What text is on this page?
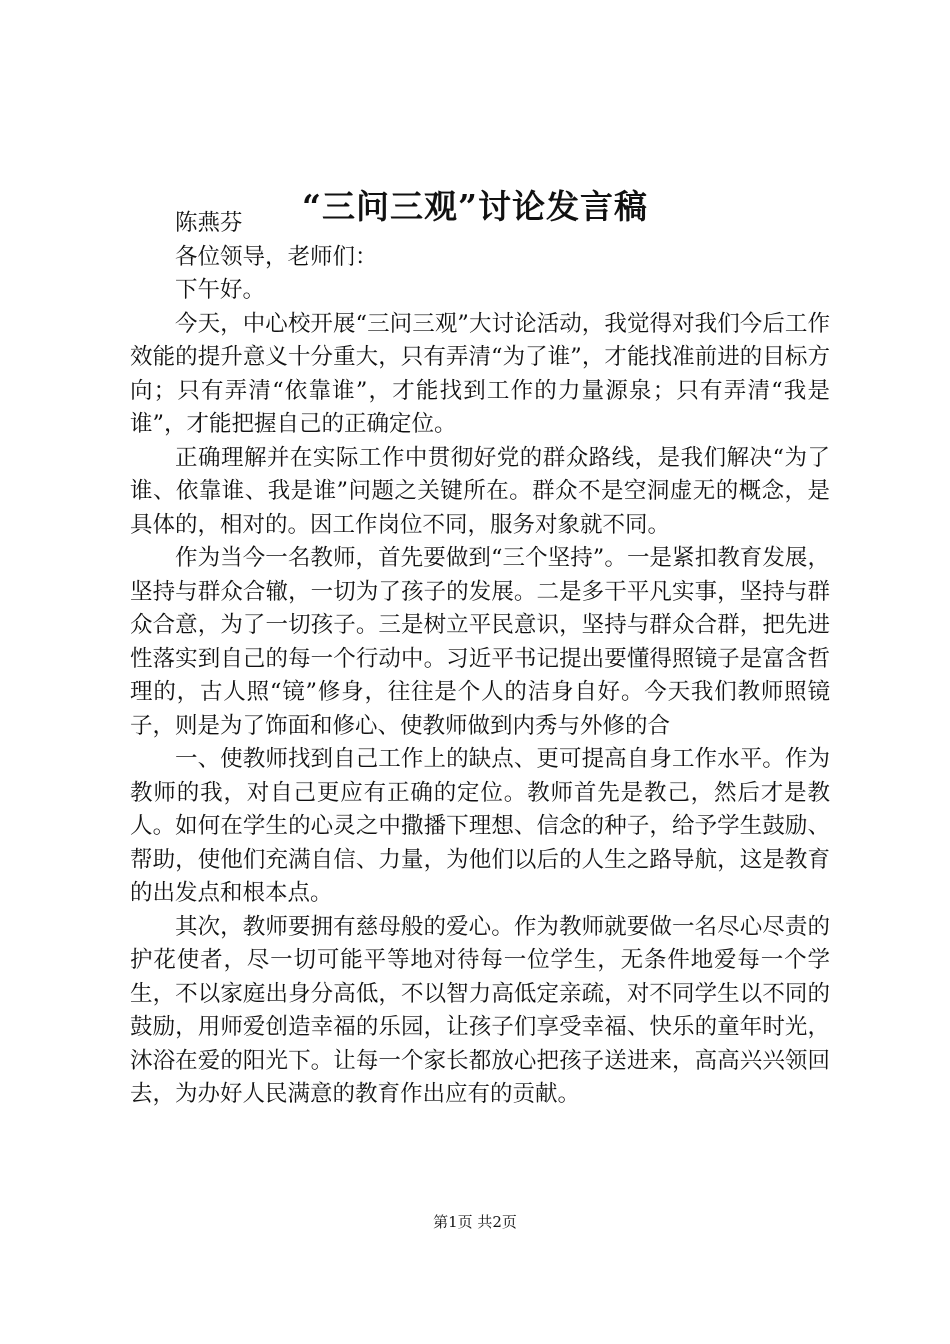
“三问三观”讨论发言稿

陈燕芬

各位领导，老师们：

下午好。

今天，中心校开展“三问三观”大讨论活动，我觉得对我们今后工作效能的提升意义十分重大，只有弄清“为了谁”，才能找准前进的目标方向；只有弄清“依靠谁”，才能找到工作的力量源泉；只有弄清“我是谁”，才能把握自己的正确定位。

正确理解并在实际工作中贯彻好党的群众路线，是我们解决“为了谁、依靠谁、我是谁”问题之关键所在。群众不是空洞虚无的概念，是具体的，相对的。因工作岗位不同，服务对象就不同。

作为当今一名教师，首先要做到“三个坚持”。一是紧扣教育发展，坚持与群众合辙，一切为了孩子的发展。二是多干平凡实事，坚持与群众合意，为了一切孩子。三是树立平民意识，坚持与群众合群，把先进性落实到自己的每一个行动中。习近平书记提出要懂得照镜子是富含哲理的，古人照“镜”修身，往往是个人的洁身自好。今天我们教师照镜子，则是为了饰面和修心、使教师做到内秀与外修的合

一、使教师找到自己工作上的缺点、更可提高自身工作水平。作为教师的我，对自己更应有正确的定位。教师首先是教己，然后才是教人。如何在学生的心灵之中撒播下理想、信念的种子，给予学生鼓励、帮助，使他们充满自信、力量，为他们以后的人生之路导航，这是教育的出发点和根本点。

其次，教师要拥有慈母般的爱心。作为教师就要做一名尽心尽责的护花使者，尽一切可能平等地对待每一位学生，无条件地爱每一个学生，不以家庭出身分高低，不以智力高低定亲疏，对不同学生以不同的鼓励，用师爱创造幸福的乐园，让孩子们享受幸福、快乐的童年时光，沐浴在爱的阳光下。让每一个家长都放心把孩子送进来，高高兴兴领回去，为办好人民满意的教育作出应有的贡献。

第1页 共2页
